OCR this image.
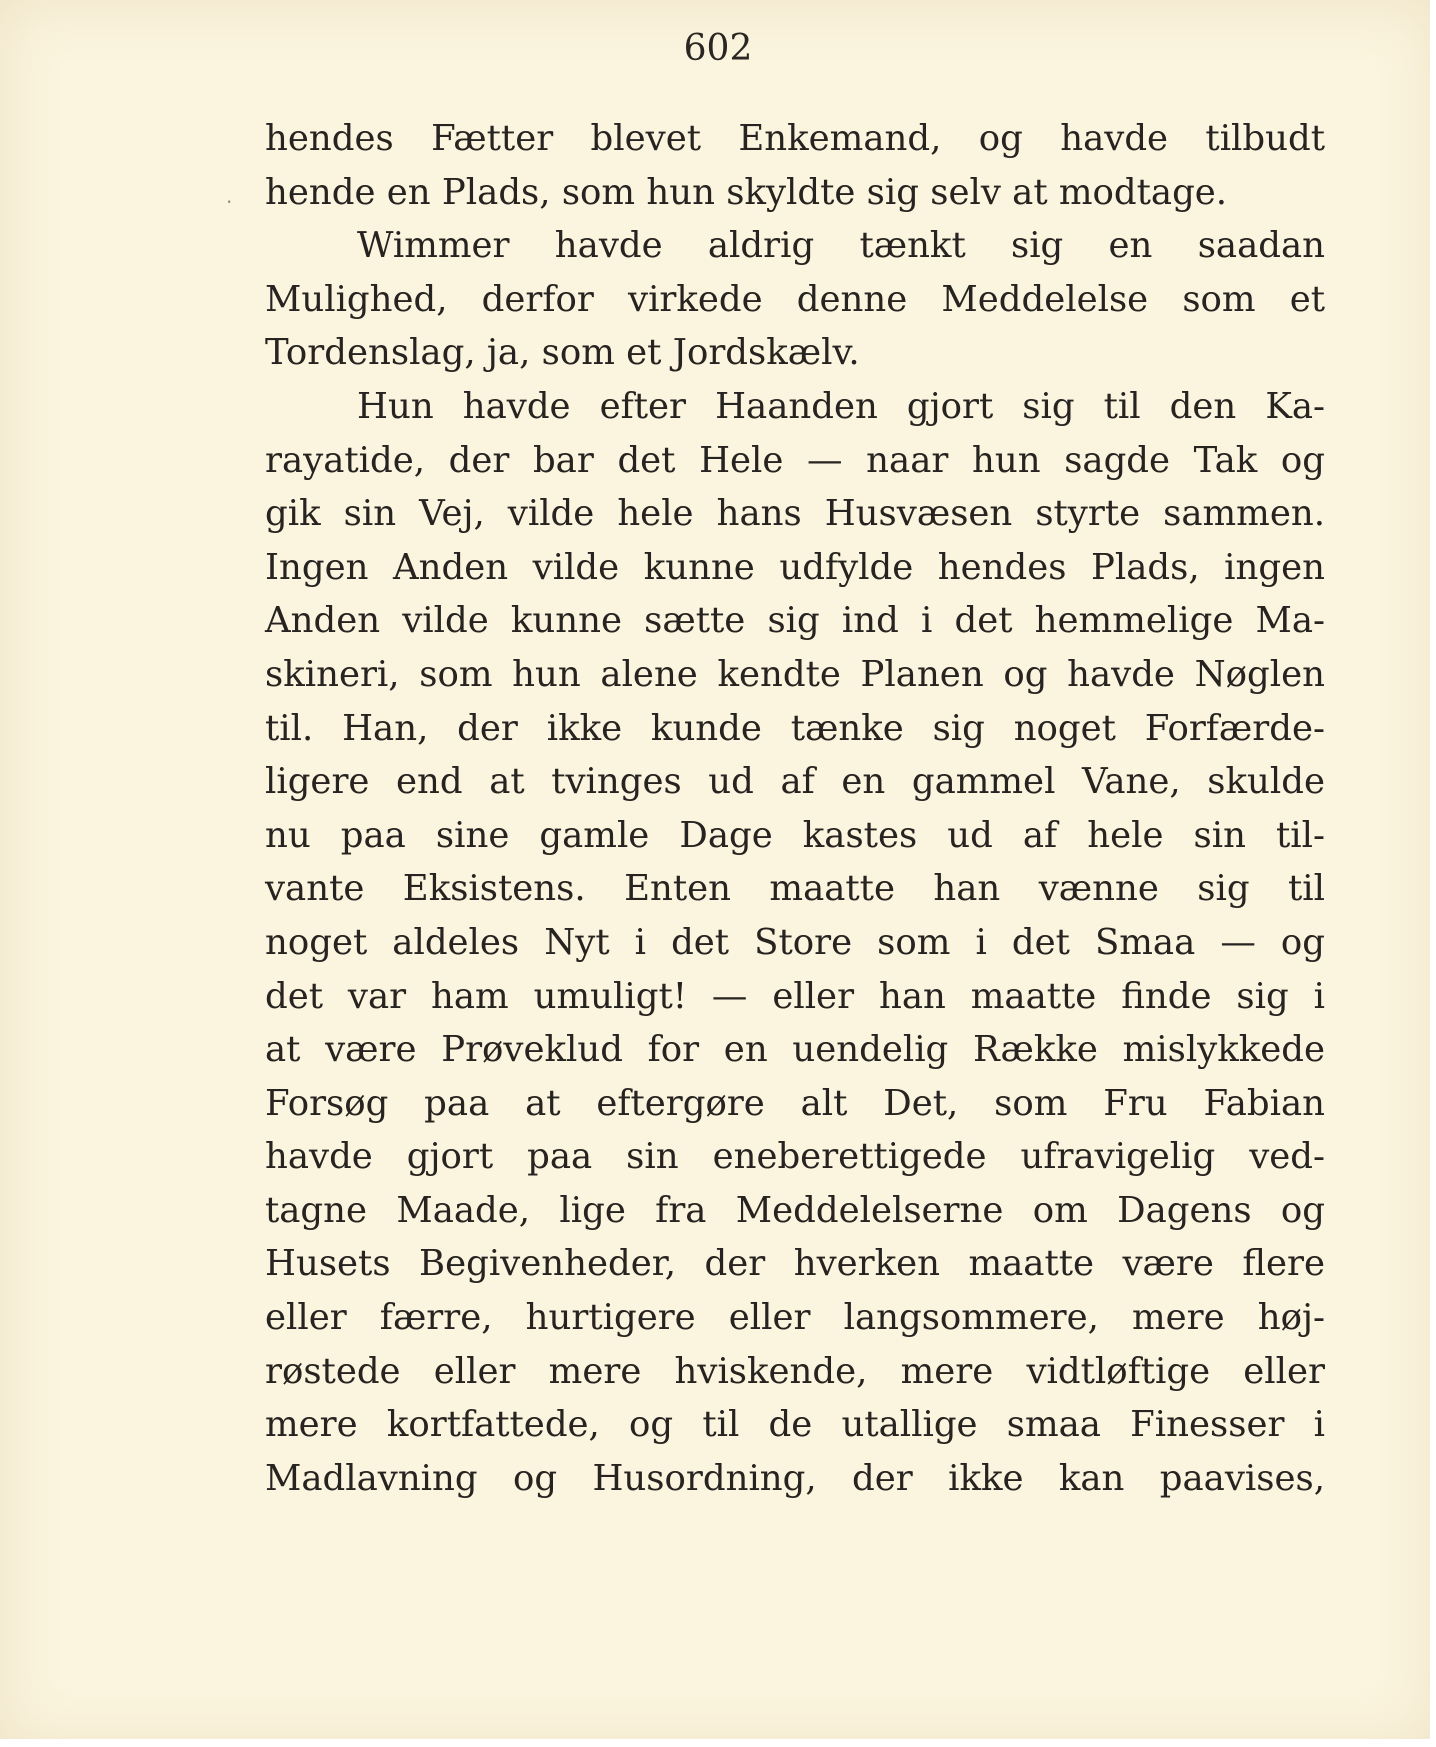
602
hendes Fætter blevet Enkemand, og havde tilbudt
hende en Plads, som hun skyldte sig selv at modtage.
Wimmer havde aldrig tænkt sig en saadan
Mulighed, derfor virkede denne Meddelelse som et
Tordenslag, ja, som et Jordskælv.
Hun havde efter Haanden gjort sig til den Ka-
rayatide, der bar det Hele — naar hun sagde Tak og
gik sin Vej, vilde hele hans Husvæsen styrte sammen.
Ingen Anden vilde kunne udfylde hendes Plads, ingen
Anden vilde kunne sætte sig ind i det hemmelige Ma-
skineri, som hun alene kendte Planen og havde Nøglen
til. Han, der ikke kunde tænke sig noget Forfærde-
ligere end at tvinges ud af en gammel Vane, skulde
nu paa sine gamle Dage kastes ud af hele sin til-
vante Eksistens. Enten maatte han vænne sig til
noget aldeles Nyt i det Store som i det Smaa — og
det var ham umuligt! — eller han maatte finde sig i
at være Prøveklud for en uendelig Række mislykkede
Forsøg paa at eftergøre alt Det, som Fru Fabian
havde gjort paa sin eneberettigede ufravigelig ved-
tagne Maade, lige fra Meddelelserne om Dagens og
Husets Begivenheder, der hverken maatte være flere
eller færre, hurtigere eller langsommere, mere høj-
røstede eller mere hviskende, mere vidtløftige eller
mere kortfattede, og til de utallige smaa Finesser i
Madlavning og Husordning, der ikke kan paavises,
·
